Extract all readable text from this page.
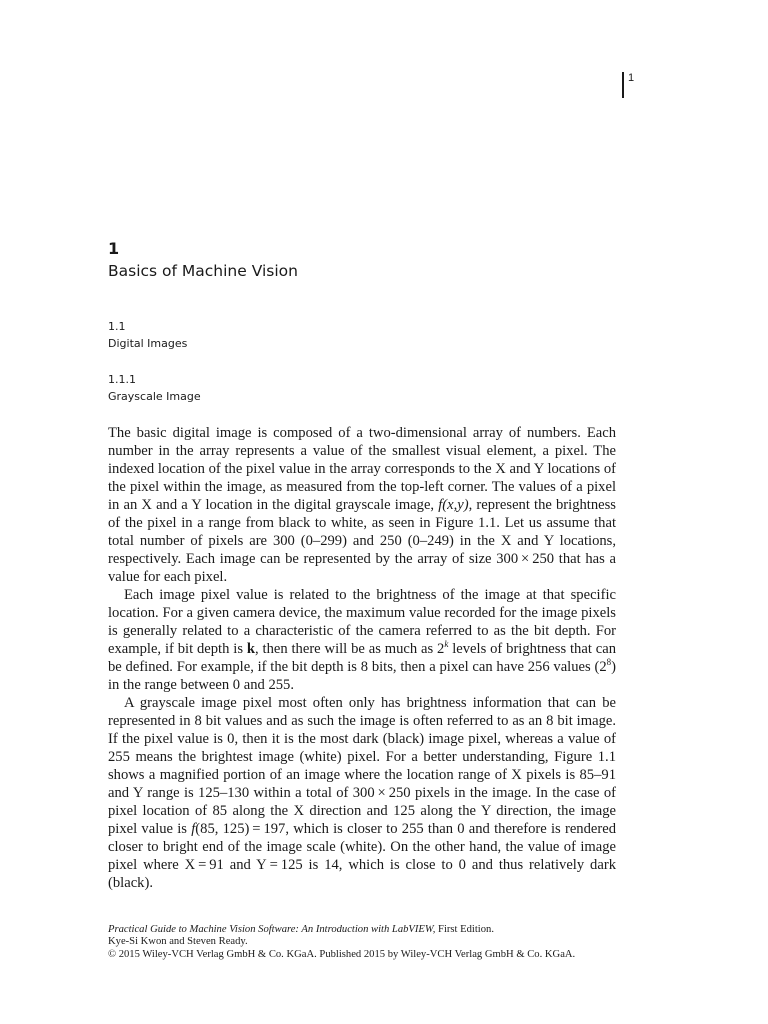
1
1
Basics of Machine Vision
1.1
Digital Images
1.1.1
Grayscale Image

The basic digital image is composed of a two-dimensional array of numbers. Each number in the array represents a value of the smallest visual element, a pixel. The indexed location of the pixel value in the array corresponds to the X and Y locations of the pixel within the image, as measured from the top-left corner. The values of a pixel in an X and a Y location in the digital grayscale image, f(x,y), represent the brightness of the pixel in a range from black to white, as seen in Figure 1.1. Let us assume that total number of pixels are 300 (0–299) and 250 (0–249) in the X and Y locations, respectively. Each image can be represented by the array of size 300 × 250 that has a value for each pixel.

Each image pixel value is related to the brightness of the image at that specific location. For a given camera device, the maximum value recorded for the image pixels is generally related to a characteristic of the camera referred to as the bit depth. For example, if bit depth is k, then there will be as much as 2$^k$ levels of brightness that can be defined. For example, if the bit depth is 8 bits, then a pixel can have 256 values $(2^8)$ in the range between 0 and 255.

A grayscale image pixel most often only has brightness information that can be represented in 8 bit values and as such the image is often referred to as an 8 bit image. If the pixel value is 0, then it is the most dark (black) image pixel, whereas a value of 255 means the brightest image (white) pixel. For a better understanding, Figure 1.1 shows a magnified portion of an image where the location range of X pixels is 85–91 and Y range is 125–130 within a total of 300 × 250 pixels in the image. In the case of pixel location of 85 along the X direction and 125 along the Y direction, the image pixel value is f(85, 125) = 197, which is closer to 255 than 0 and therefore is rendered closer to bright end of the image scale (white). On the other hand, the value of image pixel where X = 91 and Y = 125 is 14, which is close to 0 and thus relatively dark (black).

Practical Guide to Machine Vision Software: An Introduction with LabVIEW, First Edition.
Kye-Si Kwon and Steven Ready.
© 2015 Wiley-VCH Verlag GmbH & Co. KGaA. Published 2015 by Wiley-VCH Verlag GmbH & Co. KGaA.
